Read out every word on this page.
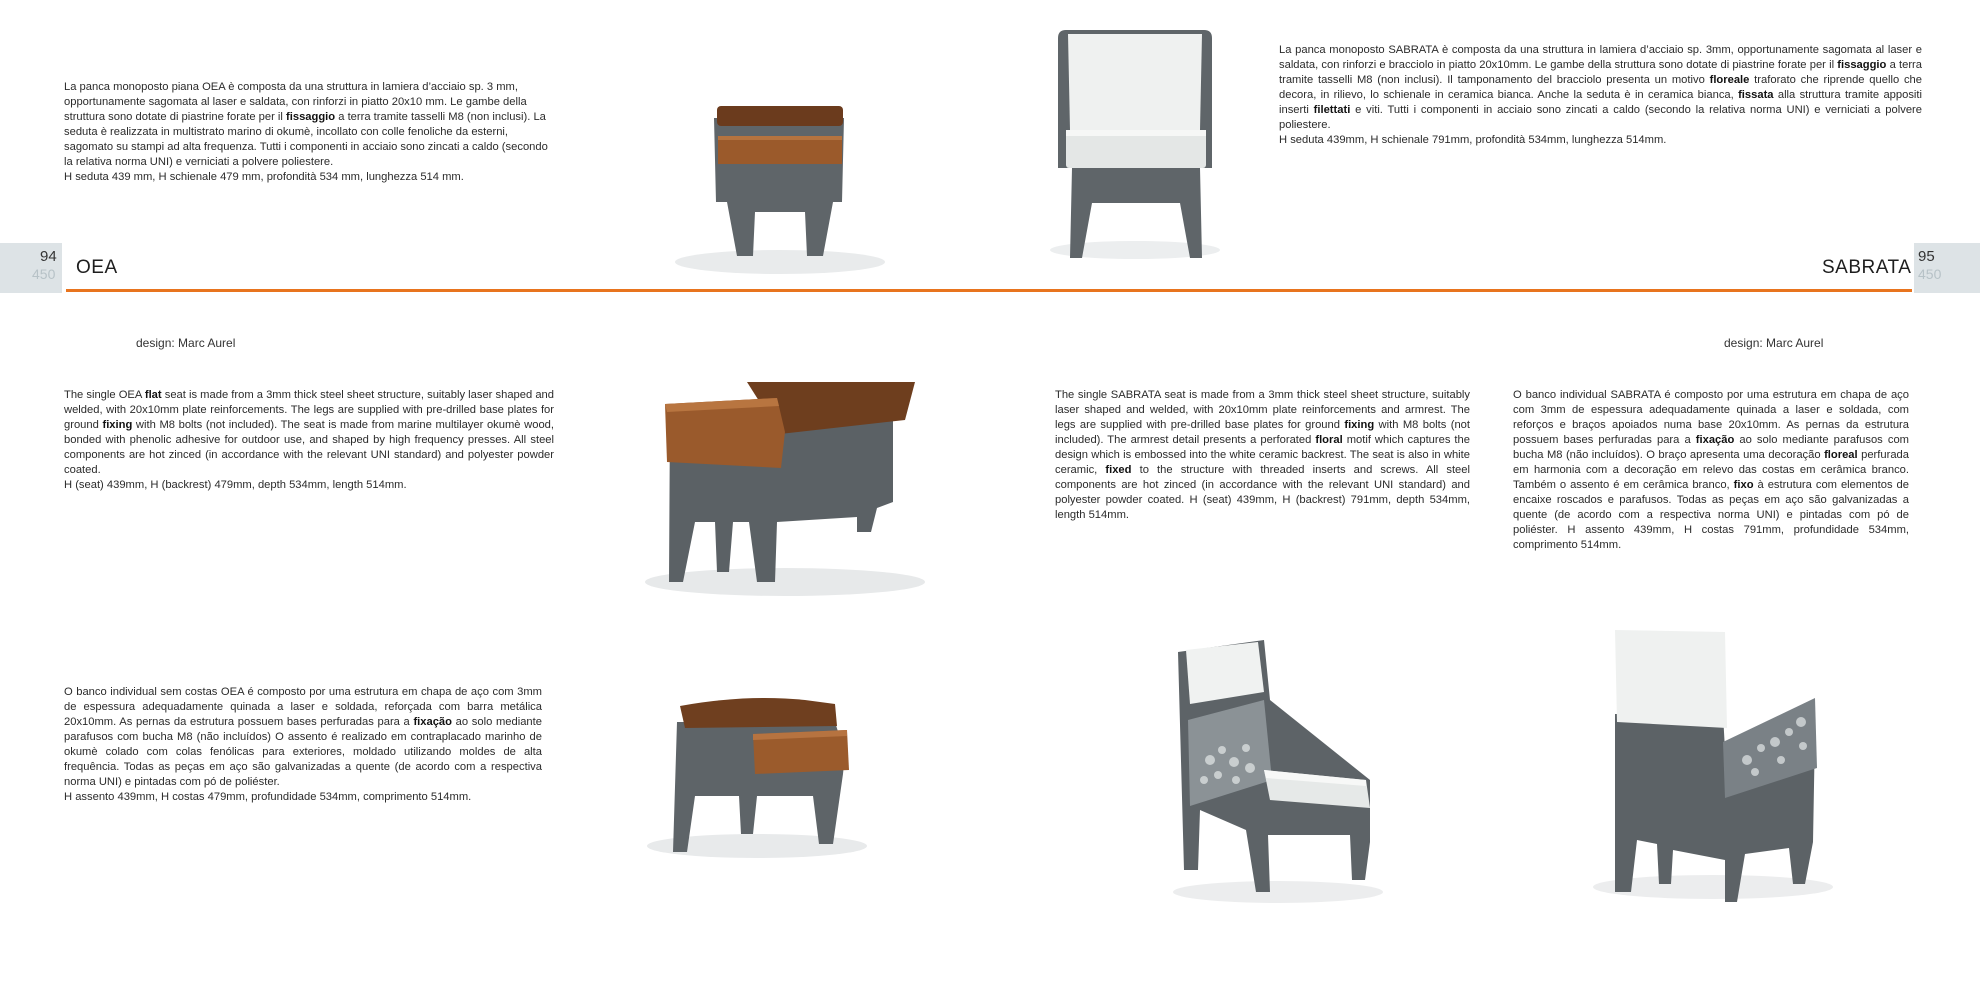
La panca monoposto piana OEA è composta da una struttura in lamiera d’acciaio sp. 3 mm, opportunamente sagomata al laser e saldata, con rinforzi in piatto 20x10 mm. Le gambe della struttura sono dotate di piastrine forate per il fissaggio a terra tramite tasselli M8 (non inclusi). La seduta è realizzata in multistrato marino di okumè, incollato con colle fenoliche da esterni, sagomato su stampi ad alta frequenza. Tutti i componenti in acciaio sono zincati a caldo (secondo la relativa norma UNI) e verniciati a polvere poliestere.
H seduta 439 mm, H schienale 479 mm, profondità 534 mm, lunghezza 514 mm.
The single OEA flat seat is made from a 3mm thick steel sheet structure, suitably laser shaped and welded, with 20x10mm plate reinforcements. The legs are supplied with pre-drilled base plates for ground fixing with M8 bolts (not included). The seat is made from marine multilayer okumè wood, bonded with phenolic adhesive for outdoor use, and shaped by high frequency presses. All steel components are hot zinced (in accordance with the relevant UNI standard) and polyester powder coated.
H (seat) 439mm, H (backrest) 479mm, depth 534mm, length 514mm.
O banco individual sem costas OEA é composto por uma estrutura em chapa de aço com 3mm de espessura adequadamente quinada a laser e soldada, reforçada com barra metálica 20x10mm. As pernas da estrutura possuem bases perfuradas para a fixação ao solo mediante parafusos com bucha M8 (não incluídos) O assento é realizado em contraplacado marinho de okumè colado com colas fenólicas para exteriores, moldado utilizando moldes de alta frequência. Todas as peças em aço são galvanizadas a quente (de acordo com a respectiva norma UNI) e pintadas com pó de poliéster.
H assento 439mm, H costas 479mm, profundidade 534mm, comprimento 514mm.
La panca monoposto SABRATA è composta da una struttura in lamiera d’acciaio sp. 3mm, opportunamente sagomata al laser e saldata, con rinforzi e bracciolo in piatto 20x10mm. Le gambe della struttura sono dotate di piastrine forate per il fissaggio a terra tramite tasselli M8 (non inclusi). Il tamponamento del bracciolo presenta un motivo floreale traforato che riprende quello che decora, in rilievo, lo schienale in ceramica bianca. Anche la seduta è in ceramica bianca, fissata alla struttura tramite appositi inserti filettati e viti. Tutti i componenti in acciaio sono zincati a caldo (secondo la relativa norma UNI) e verniciati a polvere poliestere.
H seduta 439mm, H schienale 791mm, profondità 534mm, lunghezza 514mm.
The single SABRATA seat is made from a 3mm thick steel sheet structure, suitably laser shaped and welded, with 20x10mm plate reinforcements and armrest. The legs are supplied with pre-drilled base plates for ground fixing with M8 bolts (not included). The armrest detail presents a perforated floral motif which captures the design which is embossed into the white ceramic backrest. The seat is also in white ceramic, fixed to the structure with threaded inserts and screws. All steel components are hot zinced (in accordance with the relevant UNI standard) and polyester powder coated. H (seat) 439mm, H (backrest) 791mm, depth 534mm, length 514mm.
O banco individual SABRATA é composto por uma estrutura em chapa de aço com 3mm de espessura adequadamente quinada a laser e soldada, com reforços e braços apoiados numa base 20x10mm. As pernas da estrutura possuem bases perfuradas para a fixação ao solo mediante parafusos com bucha M8 (não incluídos). O braço apresenta uma decoração floreal perfurada em harmonia com a decoração em relevo das costas em cerâmica branco. Também o assento é em cerâmica branco, fixo à estrutura com elementos de encaixe roscados e parafusos. Todas as peças em aço são galvanizadas a quente (de acordo com a respectiva norma UNI) e pintadas com pó de poliéster. H assento 439mm, H costas 791mm, profundidade 534mm, comprimento 514mm.
94
450
95
450
OEA	SABRATA
design: Marc Aurel	design: Marc Aurel
